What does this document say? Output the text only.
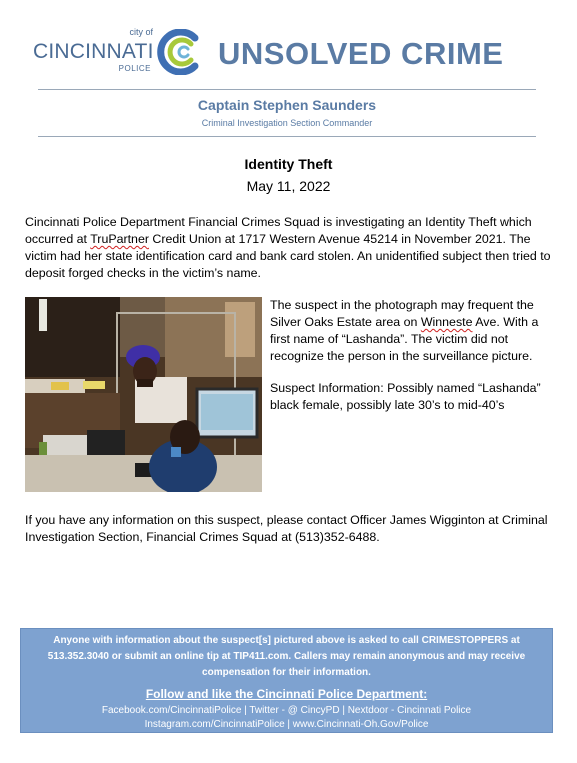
city of
CINCINNATI
POLICE UNSOLVED CRIME
Captain Stephen Saunders
Criminal Investigation Section Commander
Identity Theft
May 11, 2022

Cincinnati Police Department Financial Crimes Squad is investigating an Identity Theft which occurred at TruPartner Credit Union at 1717 Western Avenue 45214 in November 2021. The victim had her state identification card and bank card stolen. An unidentified subject then tried to deposit forged checks in the victim’s name.

The suspect in the photograph may frequent the Silver Oaks Estate area on Winneste Ave. With a first name of “Lashanda”. The victim did not recognize the person in the surveillance picture.

Suspect Information: Possibly named “Lashanda” black female, possibly late 30’s to mid-40’s

If you have any information on this suspect, please contact Officer James Wigginton at Criminal Investigation Section, Financial Crimes Squad at (513)352-6488.

Anyone with information about the suspect[s] pictured above is asked to call CRIMESTOPPERS at 513.352.3040 or submit an online tip at TIP411.com. Callers may remain anonymous and may receive compensation for their information.

Follow and like the Cincinnati Police Department:
Facebook.com/CincinnatiPolice | Twitter - @ CincyPD | Nextdoor - Cincinnati Police
Instagram.com/CincinnatiPolice | www.Cincinnati-Oh.Gov/Police
